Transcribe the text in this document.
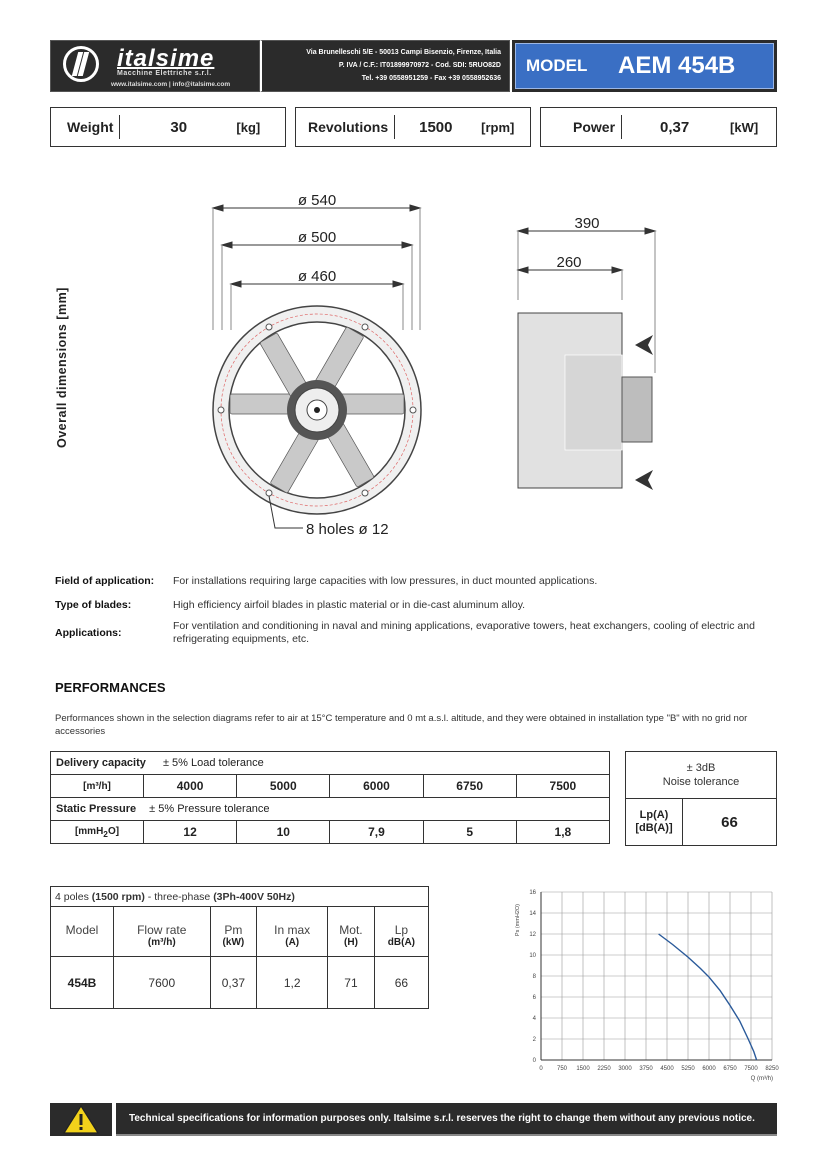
italsime
Macchine Elettriche s.r.l.
www.italsime.com | info@italsime.com
Via Brunelleschi 5/E - 50013 Campi Bisenzio, Firenze, Italia
P. IVA / C.F.: IT01899970972 - Cod. SDI: 5RUO82D
Tel. +39 0558951259 - Fax +39 0558952636
MODEL	AEM 454B
Weight	30	[kg]	Revolutions	1500	[rpm]	Power	0,37	[kW]
Overall dimensions [mm]
ø 540
ø 500
ø 460
8 holes ø 12
390
260
Field of application:	For installations requiring large capacities with low pressures, in duct mounted applications.
Type of blades:	High efficiency airfoil blades in plastic material or in die-cast aluminum alloy.
Applications:
For ventilation and conditioning in naval and mining applications, evaporative towers, heat exchangers, cooling of electric and refrigerating equipments, etc.
PERFORMANCES
Performances shown in the selection diagrams refer to air at 15°C temperature and 0 mt a.s.l. altitude, and they were obtained in installation type "B" with no grid nor accessories
Delivery capacity ± 5% Load tolerance					
[m³/h]	4000	5000	6000	6750	7500
Static Pressure ± 5% Pressure tolerance					
[mmH$_2$O]	12	10	7,9	5	1,8
± 3dB
Noise tolerance

Lp(A)
[dB(A)]	66
4 poles (1500 rpm) - three-phase (3Ph-400V 50Hz)					
Model	Flow rate	Pm	In max	Mot.	Lp
	(m³/h)	(kW)	(A)	(H)	dB(A)
454B	7600	0,37	1,2	71	66
0
2
4
6
8
10
12
14
16
0 750 1500 2250 3000 3750 4500 5250 6000 6750 7500 8250
Ps (mmH2O)
Q (m³/h)
Technical specifications for information purposes only. Italsime s.r.l. reserves the right to change them without any previous notice.
